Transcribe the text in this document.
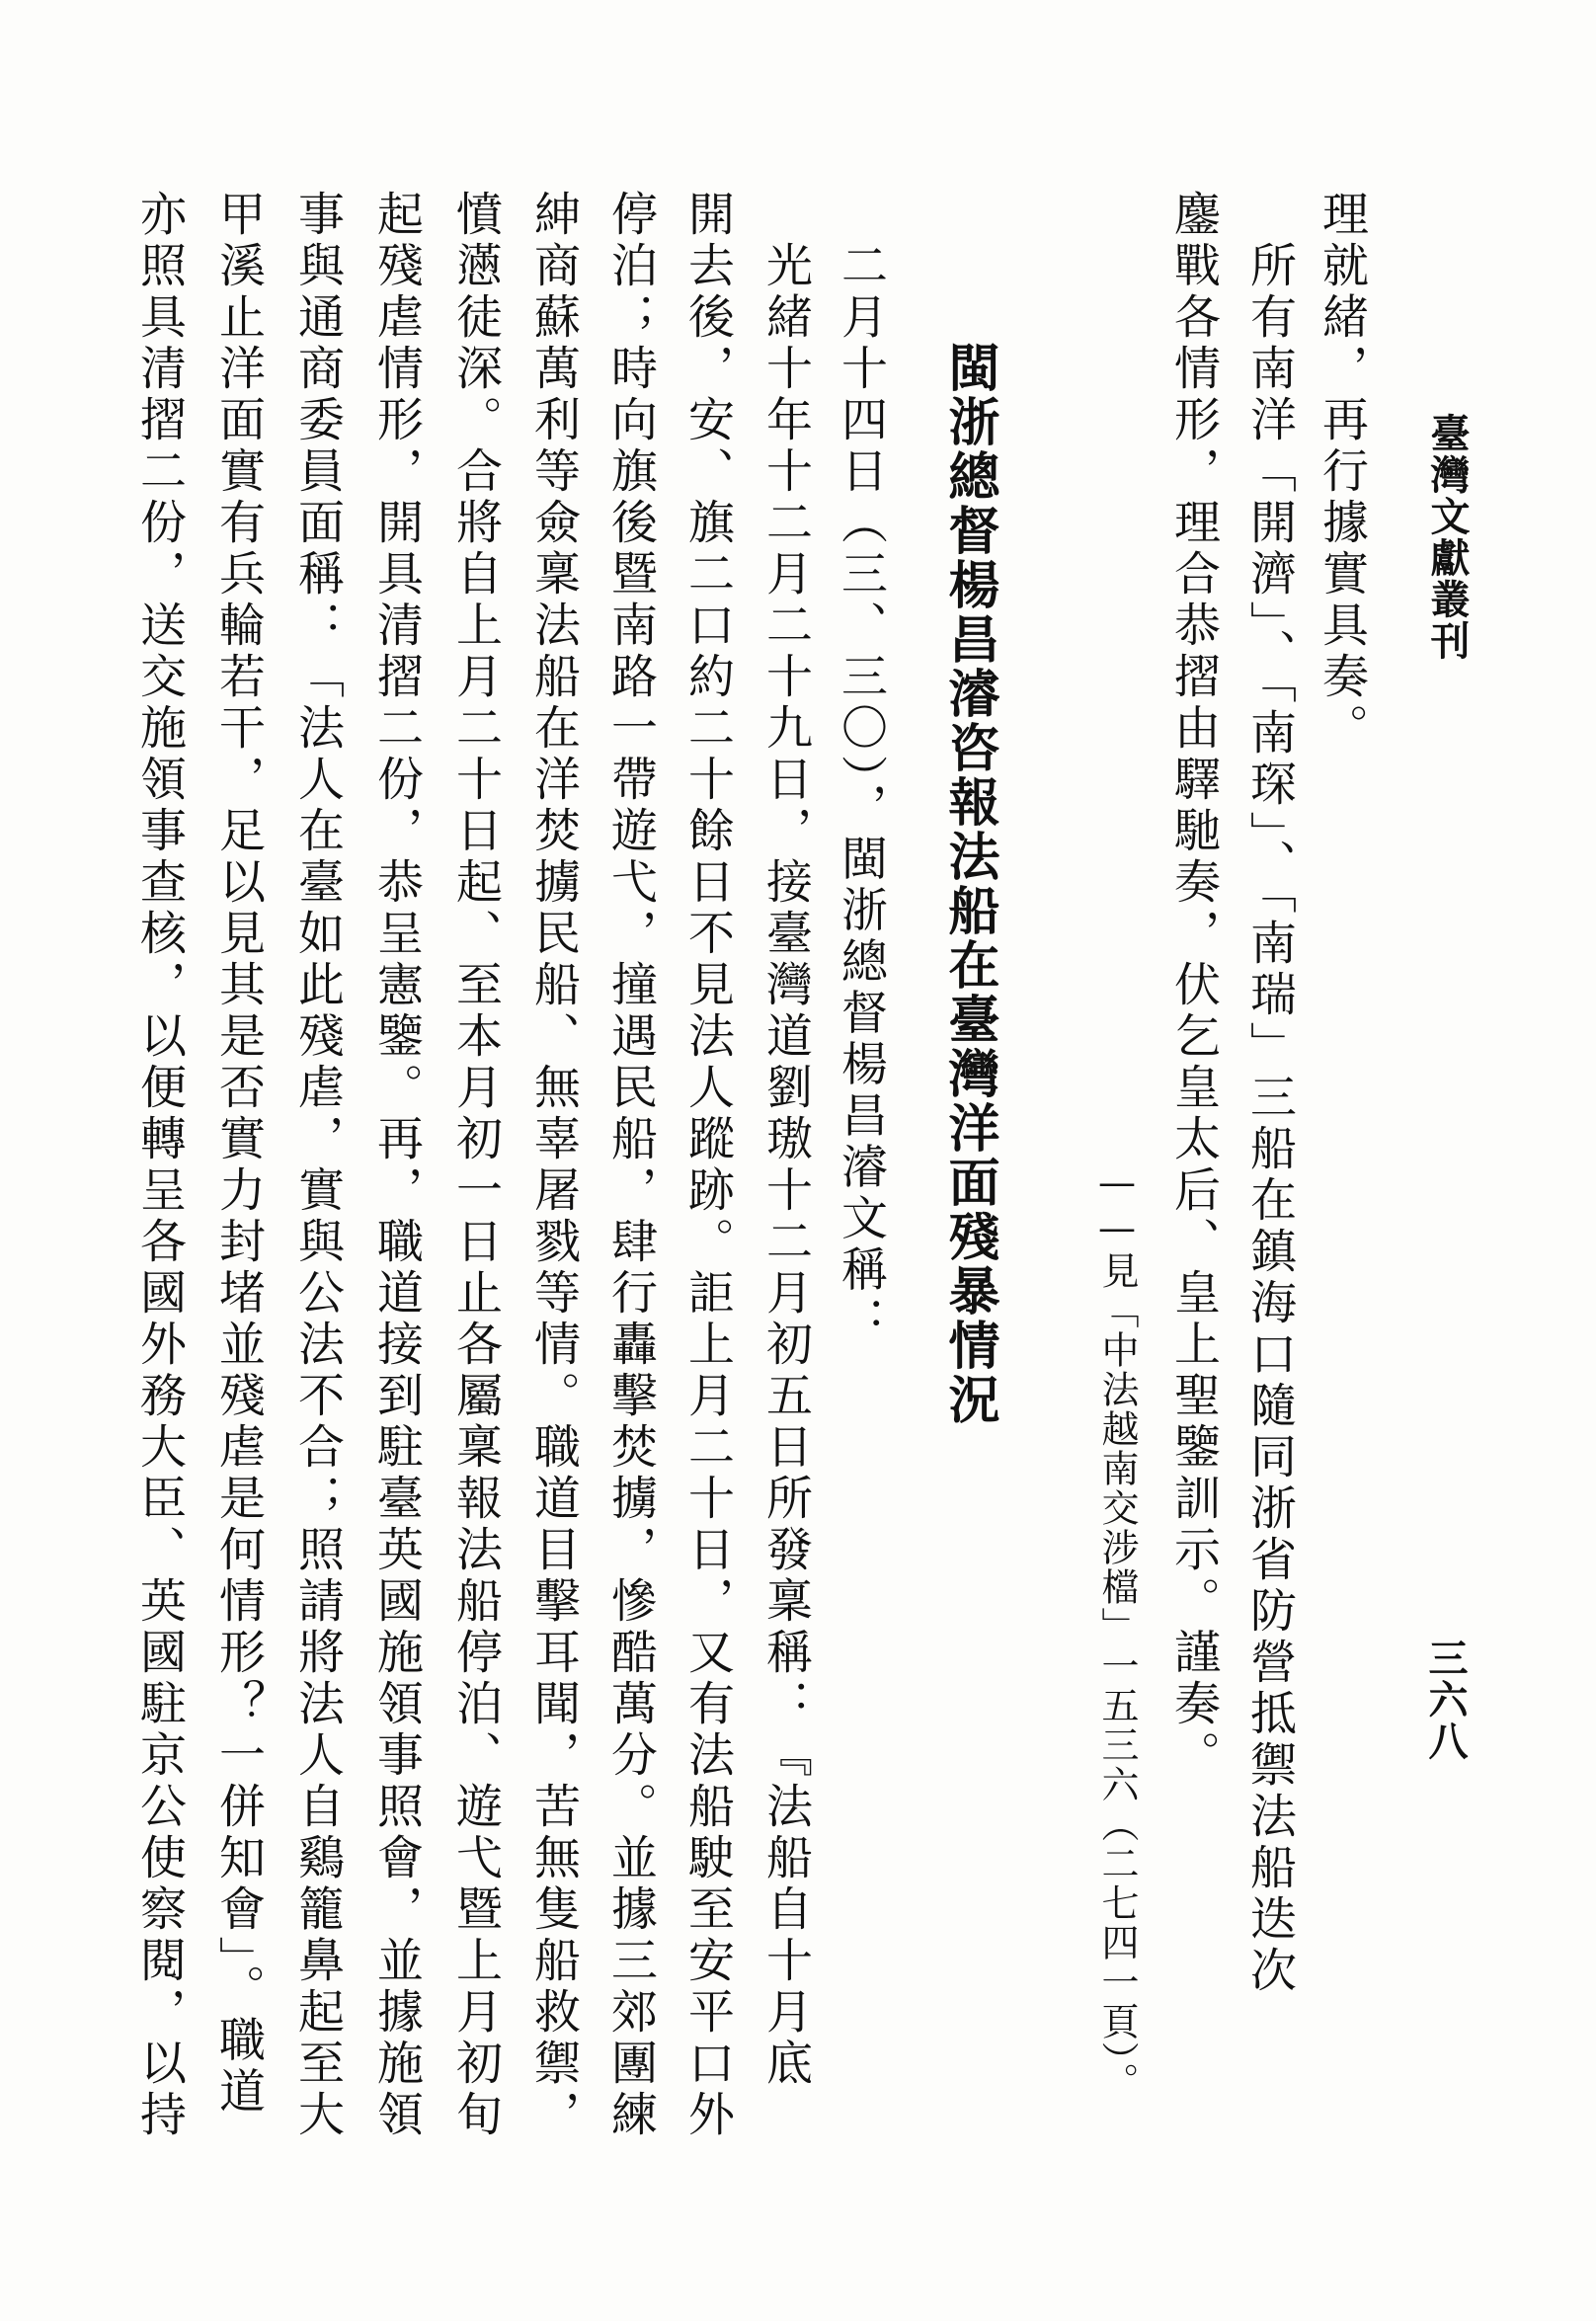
臺灣文獻叢刊
三六八
理就緒，再行據實具奏。
　所有南洋「開濟」、「南琛」、「南瑞」三船在鎮海口隨同浙省防營抵禦法船迭次
鏖戰各情形，理合恭摺由驛馳奏，伏乞皇太后、皇上聖鑒訓示。謹奏。
——見「中法越南交涉檔」一五三六（二七四一頁）。
閩浙總督楊昌濬咨報法船在臺灣洋面殘暴情況
　二月十四日（三、三〇），閩浙總督楊昌濬文稱：
　光緒十年十二月二十九日，接臺灣道劉璈十二月初五日所發稟稱：『法船自十月底
開去後，安、旗二口約二十餘日不見法人蹤跡。詎上月二十日，又有法船駛至安平口外
停泊；時向旗後暨南路一帶遊弋，撞遇民船，肆行轟擊焚擄，慘酷萬分。並據三郊團練
紳商蘇萬利等僉稟法船在洋焚擄民船、無辜屠戮等情。職道目擊耳聞，苦無隻船救禦，
憤懣徒深。合將自上月二十日起、至本月初一日止各屬稟報法船停泊、遊弋暨上月初旬
起殘虐情形，開具清摺二份，恭呈憲鑒。再，職道接到駐臺英國施領事照會，並據施領
事與通商委員面稱：「法人在臺如此殘虐，實與公法不合；照請將法人自鷄籠鼻起至大
甲溪止洋面實有兵輪若干，足以見其是否實力封堵並殘虐是何情形？一併知會」。職道
亦照具清摺二份，送交施領事查核，以便轉呈各國外務大臣、英國駐京公使察閱，以持
